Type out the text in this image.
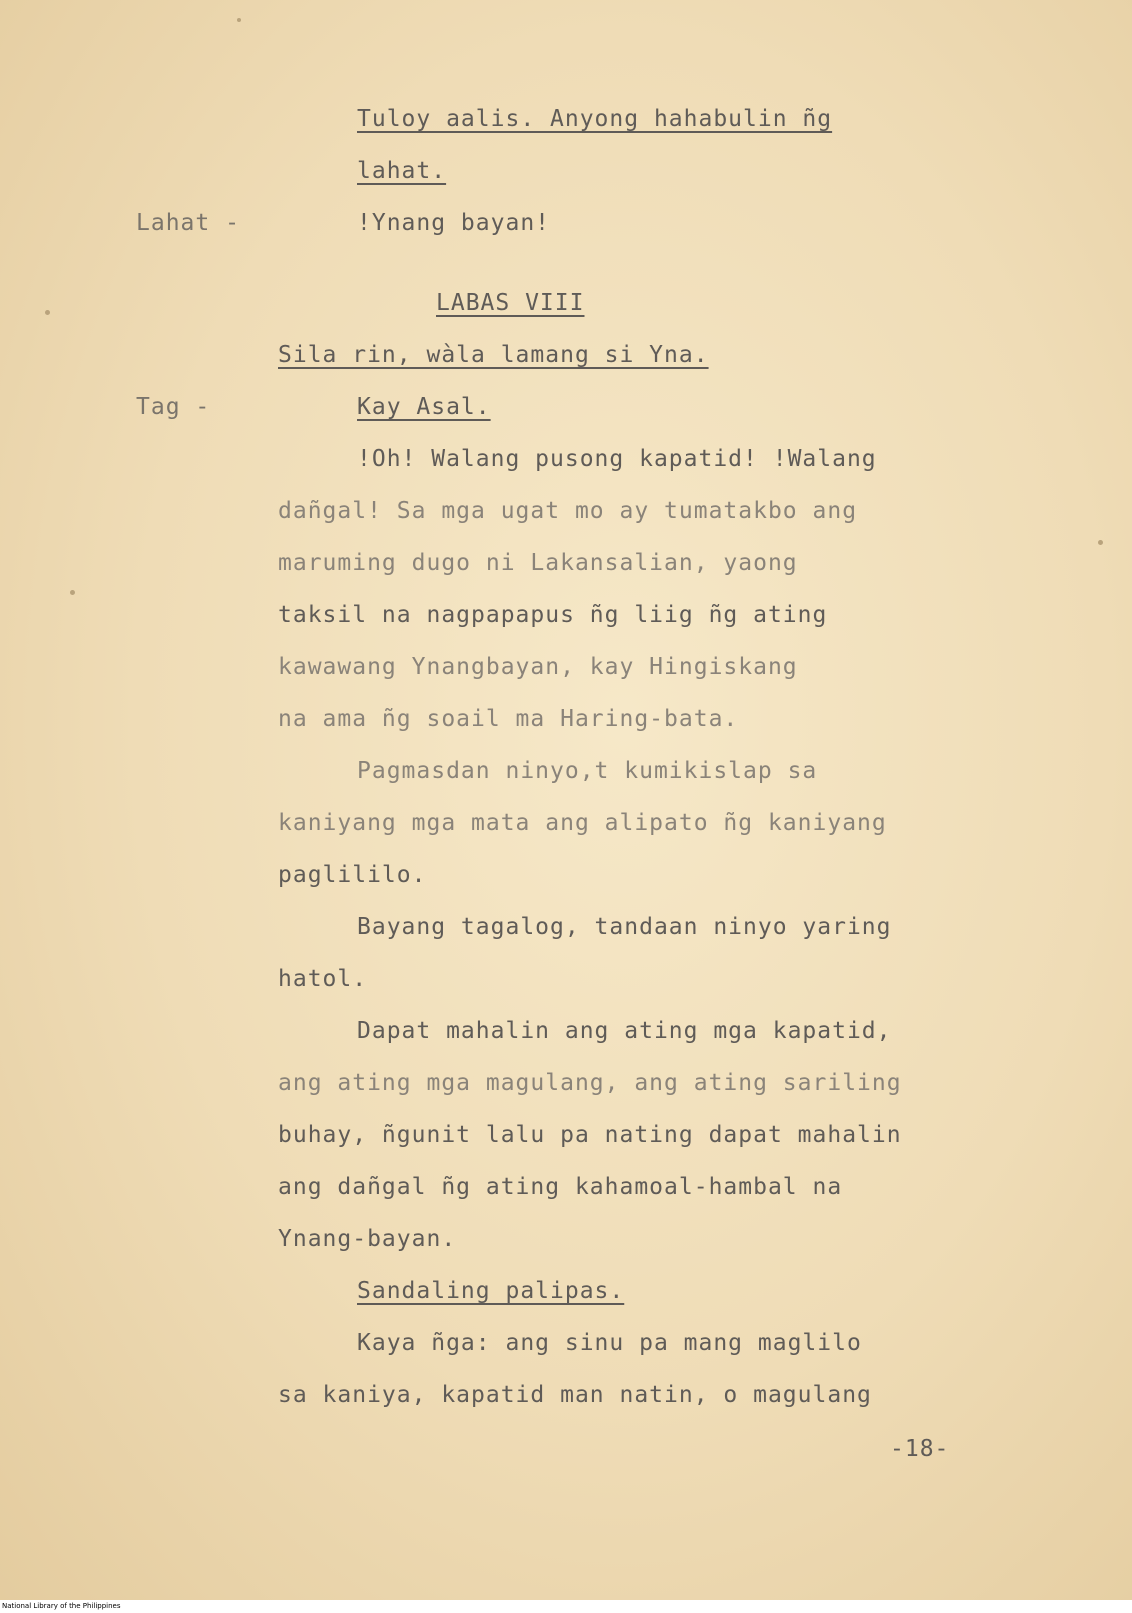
Tuloy aalis. Anyong hahabulin ñg
lahat.
Lahat -	!Ynang bayan!
LABAS VIII
Sila rin, wàla lamang si Yna.
Tag -	Kay Asal.
!Oh! Walang pusong kapatid! !Walang
dañgal! Sa mga ugat mo ay tumatakbo ang
maruming dugo ni Lakansalian, yaong
taksil na nagpapapus ñg liig ñg ating
kawawang Ynangbayan, kay Hingiskang
na ama ñg soail ma Haring-bata.
Pagmasdan ninyo,t kumikislap sa
kaniyang mga mata ang alipato ñg kaniyang
paglililo.
Bayang tagalog, tandaan ninyo yaring
hatol.
Dapat mahalin ang ating mga kapatid,
ang ating mga magulang, ang ating sariling
buhay, ñgunit lalu pa nating dapat mahalin
ang dañgal ñg ating kahamoal-hambal na
Ynang-bayan.
Sandaling palipas.
Kaya ñga: ang sinu pa mang maglilo
sa kaniya, kapatid man natin, o magulang
-18-
National Library of the Philippines
